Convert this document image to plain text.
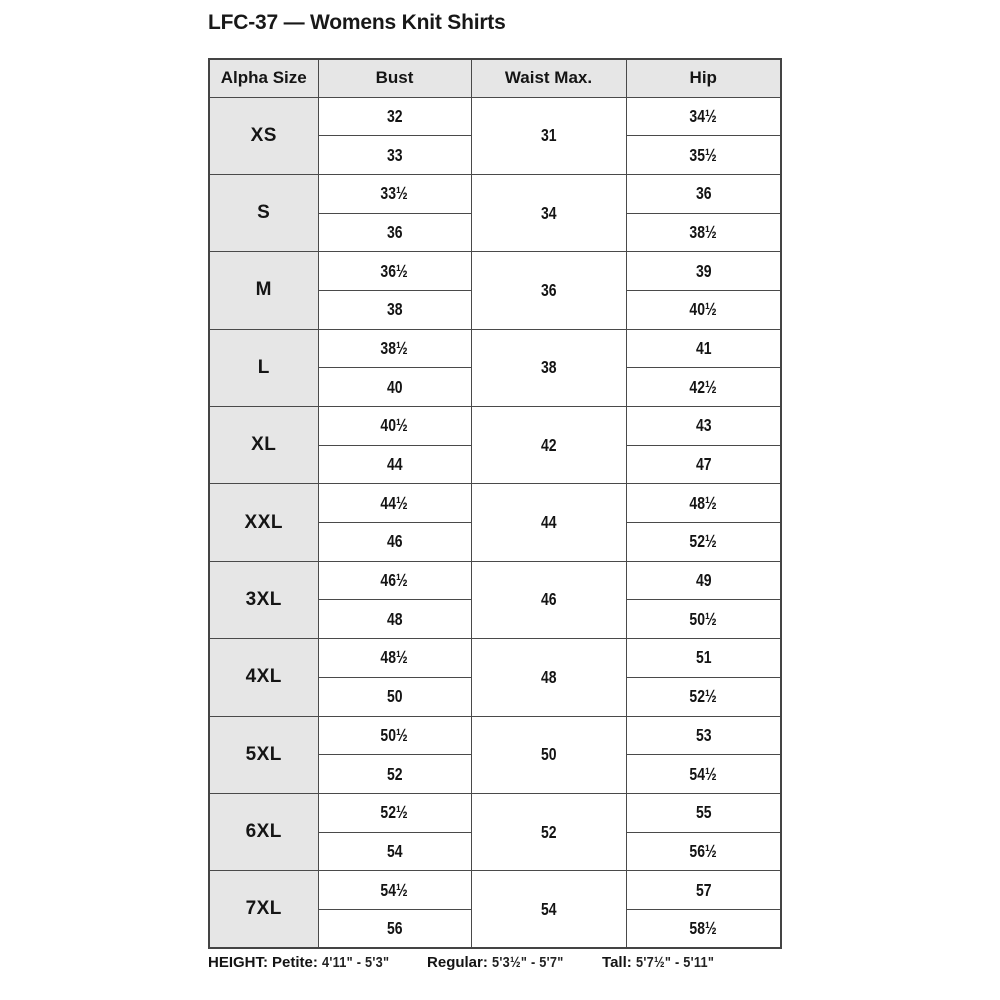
LFC-37 — Womens Knit Shirts
Alpha Size	Bust	Waist Max.	Hip
XS	32	31	34½
	33		35½
S	33½	34	36
	36		38½
M	36½	36	39
	38		40½
L	38½	38	41
	40		42½
XL	40½	42	43
	44		47
XXL	44½	44	48½
	46		52½
3XL	46½	46	49
	48		50½
4XL	48½	48	51
	50		52½
5XL	50½	50	53
	52		54½
6XL	52½	52	55
	54		56½
7XL	54½	54	57
	56		58½
HEIGHT: Petite: 4'11" - 5'3"	Regular: 5'3½" - 5'7"	Tall: 5'7½" - 5'11"
